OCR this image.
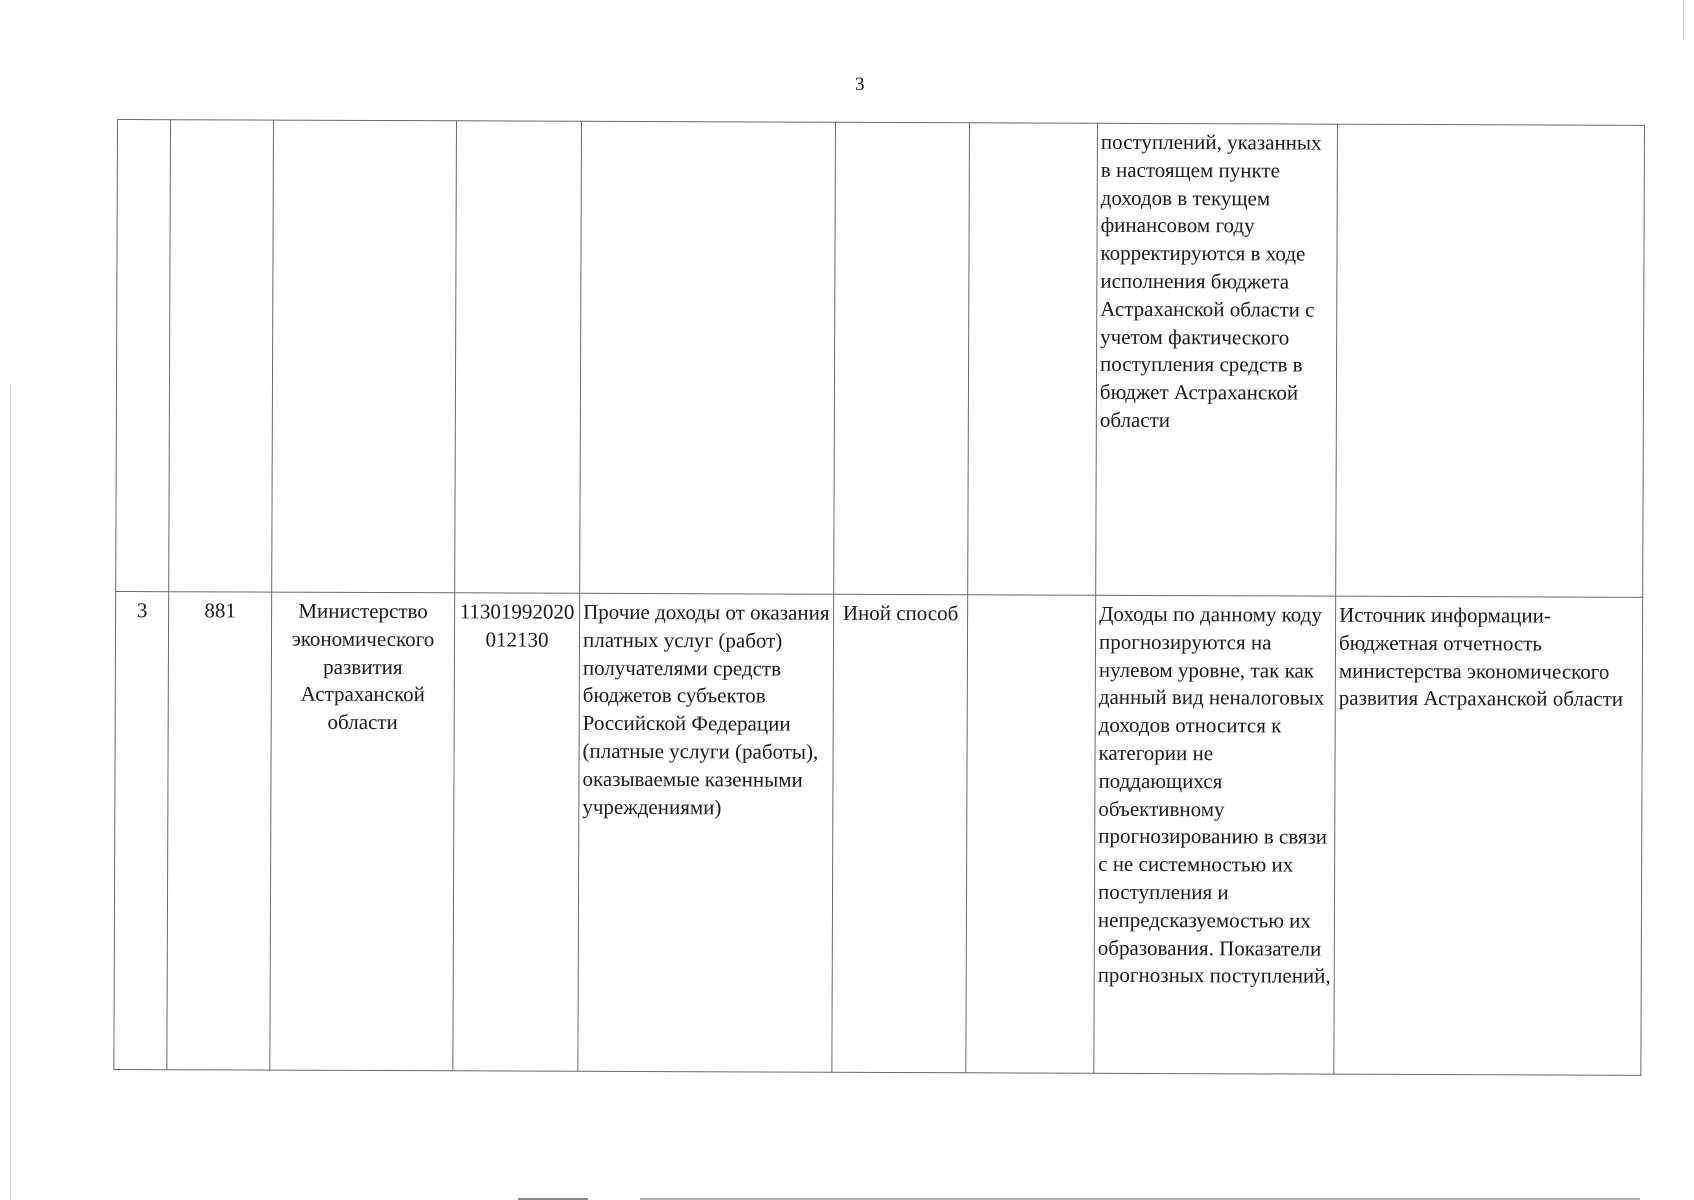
3
							поступлений, указанных в настоящем пункте доходов в текущем финансовом году корректируются в ходе исполнения бюджета Астраханской области с учетом фактического поступления средств в бюджет Астраханской области	
3	881	Министерство экономического развития Астраханской области	11301992020012130	Прочие доходы от оказания платных услуг (работ) получателями средств бюджетов субъектов Российской Федерации (платные услуги (работы), оказываемые казенными учреждениями)	Иной способ		Доходы по данному коду прогнозируются на нулевом уровне, так как данный вид неналоговых доходов относится к категории не поддающихся объективному прогнозированию в связи с не системностью их поступления и непредсказуемостью их образования. Показатели прогнозных поступлений,	Источник информации-бюджетная отчетность министерства экономического развития Астраханской области
